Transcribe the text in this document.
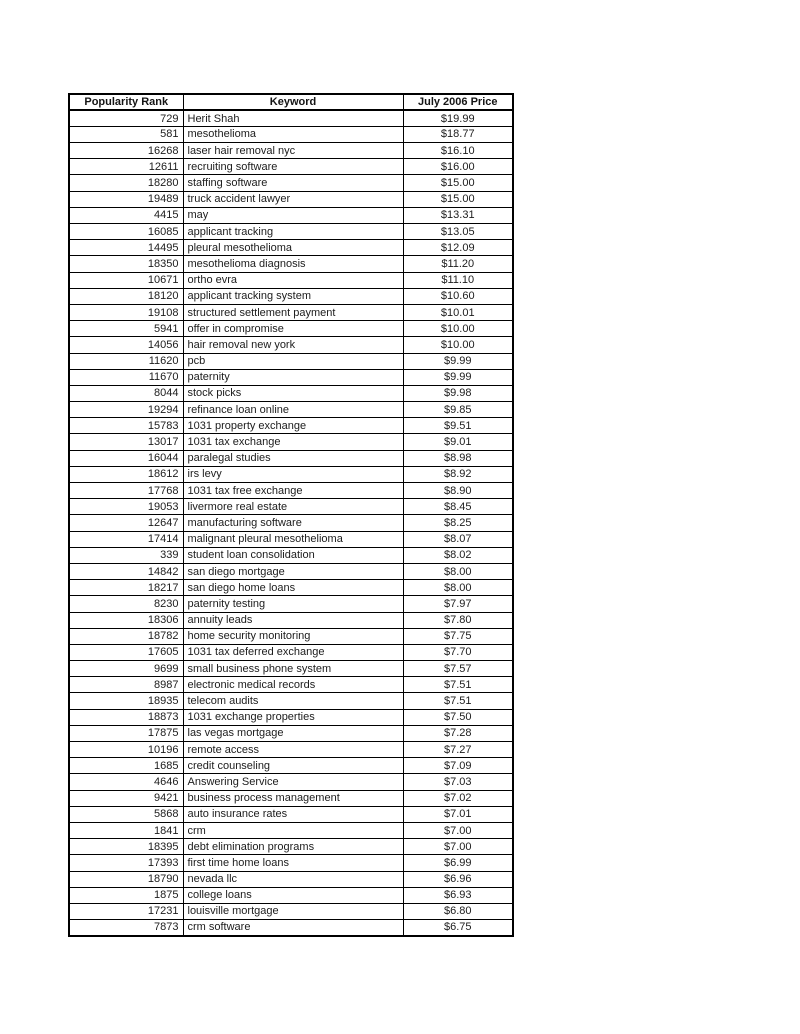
Popularity Rank	Keyword	July 2006 Price
729	Herit Shah	$19.99
581	mesothelioma	$18.77
16268	laser hair removal nyc	$16.10
12611	recruiting software	$16.00
18280	staffing software	$15.00
19489	truck accident lawyer	$15.00
4415	may	$13.31
16085	applicant tracking	$13.05
14495	pleural mesothelioma	$12.09
18350	mesothelioma diagnosis	$11.20
10671	ortho evra	$11.10
18120	applicant tracking system	$10.60
19108	structured settlement payment	$10.01
5941	offer in compromise	$10.00
14056	hair removal new york	$10.00
11620	pcb	$9.99
11670	paternity	$9.99
8044	stock picks	$9.98
19294	refinance loan online	$9.85
15783	1031 property exchange	$9.51
13017	1031 tax exchange	$9.01
16044	paralegal studies	$8.98
18612	irs levy	$8.92
17768	1031 tax free exchange	$8.90
19053	livermore real estate	$8.45
12647	manufacturing software	$8.25
17414	malignant pleural mesothelioma	$8.07
339	student loan consolidation	$8.02
14842	san diego mortgage	$8.00
18217	san diego home loans	$8.00
8230	paternity testing	$7.97
18306	annuity leads	$7.80
18782	home security monitoring	$7.75
17605	1031 tax deferred exchange	$7.70
9699	small business phone system	$7.57
8987	electronic medical records	$7.51
18935	telecom audits	$7.51
18873	1031 exchange properties	$7.50
17875	las vegas mortgage	$7.28
10196	remote access	$7.27
1685	credit counseling	$7.09
4646	Answering Service	$7.03
9421	business process management	$7.02
5868	auto insurance rates	$7.01
1841	crm	$7.00
18395	debt elimination programs	$7.00
17393	first time home loans	$6.99
18790	nevada llc	$6.96
1875	college loans	$6.93
17231	louisville mortgage	$6.80
7873	crm software	$6.75
